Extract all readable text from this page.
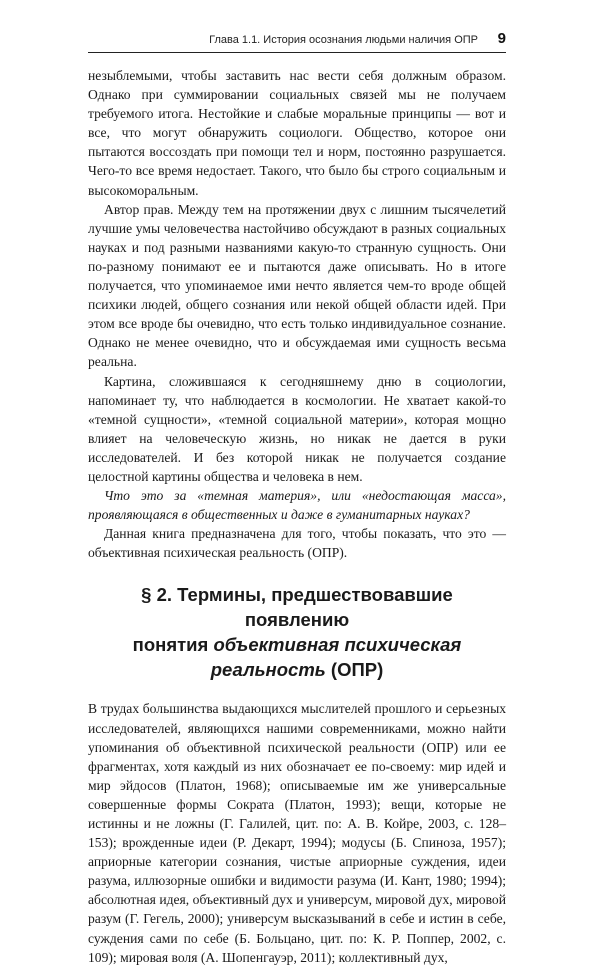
Глава 1.1. История осознания людьми наличия ОПР 9

незыблемыми, чтобы заставить нас вести себя должным образом. Однако при суммировании социальных связей мы не получаем требуемого итога. Нестойкие и слабые моральные принципы — вот и все, что могут обнаружить социологи. Общество, которое они пытаются воссоздать при помощи тел и норм, постоянно разрушается. Чего-то все время недостает. Такого, что было бы строго социальным и высокоморальным.

Автор прав. Между тем на протяжении двух с лишним тысячелетий лучшие умы человечества настойчиво обсуждают в разных социальных науках и под разными названиями какую-то странную сущность. Они по-разному понимают ее и пытаются даже описывать. Но в итоге получается, что упоминаемое ими нечто является чем-то вроде общей психики людей, общего сознания или некой общей области идей. При этом все вроде бы очевидно, что есть только индивидуальное сознание. Однако не менее очевидно, что и обсуждаемая ими сущность весьма реальна.

Картина, сложившаяся к сегодняшнему дню в социологии, напоминает ту, что наблюдается в космологии. Не хватает какой-то «темной сущности», «темной социальной материи», которая мощно влияет на человеческую жизнь, но никак не дается в руки исследователей. И без которой никак не получается создание целостной картины общества и человека в нем.

Что это за «темная материя», или «недостающая масса», проявляющаяся в общественных и даже в гуманитарных науках?

Данная книга предназначена для того, чтобы показать, что это — объективная психическая реальность (ОПР).

§ 2. Термины, предшествовавшие появлению
понятия объективная психическая реальность (ОПР)

В трудах большинства выдающихся мыслителей прошлого и серьезных исследователей, являющихся нашими современниками, можно найти упоминания об объективной психической реальности (ОПР) или ее фрагментах, хотя каждый из них обозначает ее по-своему: мир идей и мир эйдосов (Платон, 1968); описываемые им же универсальные совершенные формы Сократа (Платон, 1993); вещи, которые не истинны и не ложны (Г. Галилей, цит. по: А. В. Койре, 2003, с. 128–153); врожденные идеи (Р. Декарт, 1994); модусы (Б. Спиноза, 1957); априорные категории сознания, чистые априорные суждения, идеи разума, иллюзорные ошибки и видимости разума (И. Кант, 1980; 1994); абсолютная идея, объективный дух и универсум, мировой дух, мировой разум (Г. Гегель, 2000); универсум высказываний в себе и истин в себе, суждения сами по себе (Б. Больцано, цит. по: К. Р. Поппер, 2002, с. 109); мировая воля (А. Шопенгауэр, 2011); коллективный дух,
